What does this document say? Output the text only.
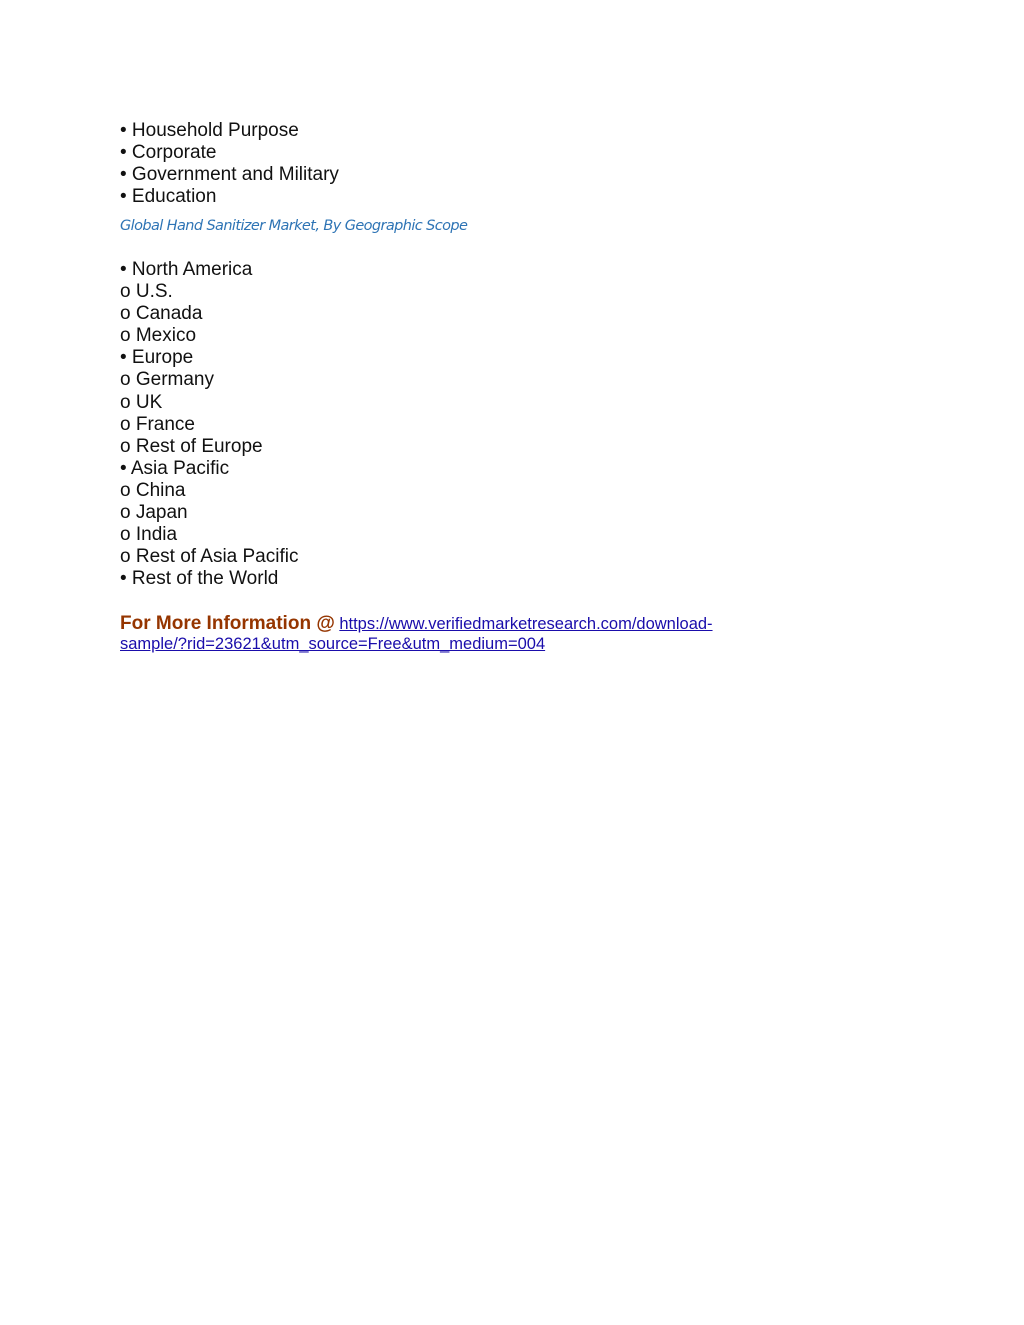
• Household Purpose
• Corporate
• Government and Military
• Education
Global Hand Sanitizer Market, By Geographic Scope
• North America
o U.S.
o Canada
o Mexico
• Europe
o Germany
o UK
o France
o Rest of Europe
• Asia Pacific
o China
o Japan
o India
o Rest of Asia Pacific
• Rest of the World
For More Information @ https://www.verifiedmarketresearch.com/download-
sample/?rid=23621&utm_source=Free&utm_medium=004
